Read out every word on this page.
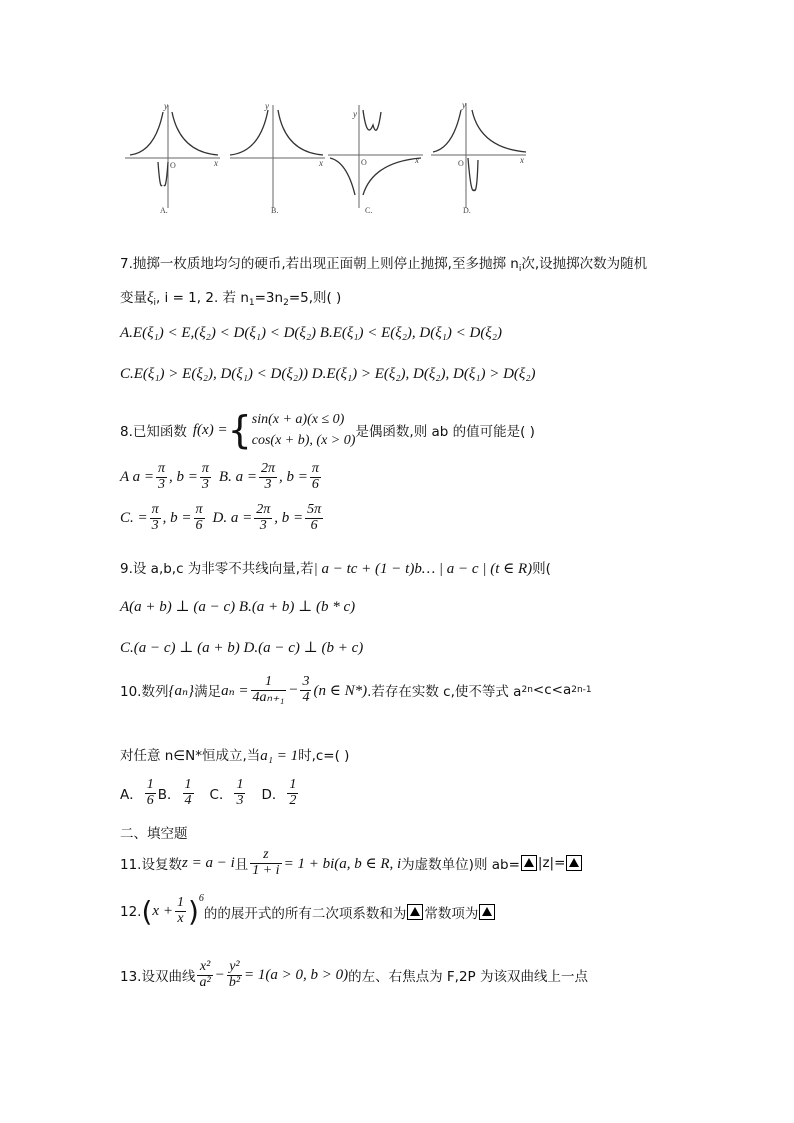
y
x
O
A.
y
x
B.
y
x
O
C.
y
x
O
D.
7.抛掷一枚质地均匀的硬币,若出现正面朝上则停止抛掷,至多抛掷 $n_i$次,设抛掷次数为随机
变量$\xi_i$, i = 1, 2. 若 $n_1=3n_2=5$,则( )
A.E(ξ₁) < E,(ξ₂) < D(ξ₁) < D(ξ₂) B.E(ξ₁) < E(ξ₂), D(ξ₁) < D(ξ₂)
C.E(ξ₁) > E(ξ₂), D(ξ₁) < D(ξ₂)) D.E(ξ₁) > E(ξ₂), D(ξ₂), D(ξ₁) > D(ξ₂)
8.已知函数 f(x) = { sin(x + a)(x ≤ 0)
cos(x + b), (x > 0)
是偶函数,则 ab 的值可能是( )
A $a = \frac{\pi}{3}$ , $b = \frac{\pi}{3} B$. $a = \frac{2\pi}{3}$ , $b = \frac{\pi}{6}$
C. = $\frac{\pi}{3}$ , $b = \frac{\pi}{6} D$. $a = \frac{2\pi}{3}$ , $b = \frac{5\pi}{6}$
9.设 a,b,c 为非零不共线向量,若| a − tc + (1 − t)b… | a − c | (t ∈ R)则(
A(a + b) ⊥ (a − c) B.(a + b) ⊥ (b * c)
C.(a − c) ⊥ (a + b) D.(a − c) ⊥ (b + c)
10.数列 {aₙ} 满足 $a_n = \frac{1}{\text{4aₙ₊₁}} - \frac{3}{4} (n$ ∈ N*) .若存在实数 c,使不等式 a 2n <c<a 2n-1
对任意 n∈N*恒成立,当a₁ = 1时,c=( )
A． $\frac{1}{6}$ B． $\frac{1}{4}$ C． $\frac{1}{3}$ D． $\frac{1}{2}$
二、填空题
11.设复数 z = a − i 且 $\frac{z}{1 + i} = 1 + bi(a$, b ∈ R, i 为虚数单位) 则 ab= |z|=
12. ( $x + \frac{1}{x}$ ) 6
的的展开式的所有二次项系数和为 常数项为
13.设双曲线 $\frac{\text{x²}}{\text{a²}} - \frac{\text{y²}}{\text{b²}} = 1(a > 0$, b > 0) 的左、右焦点为 F,2P 为该双曲线上一点
